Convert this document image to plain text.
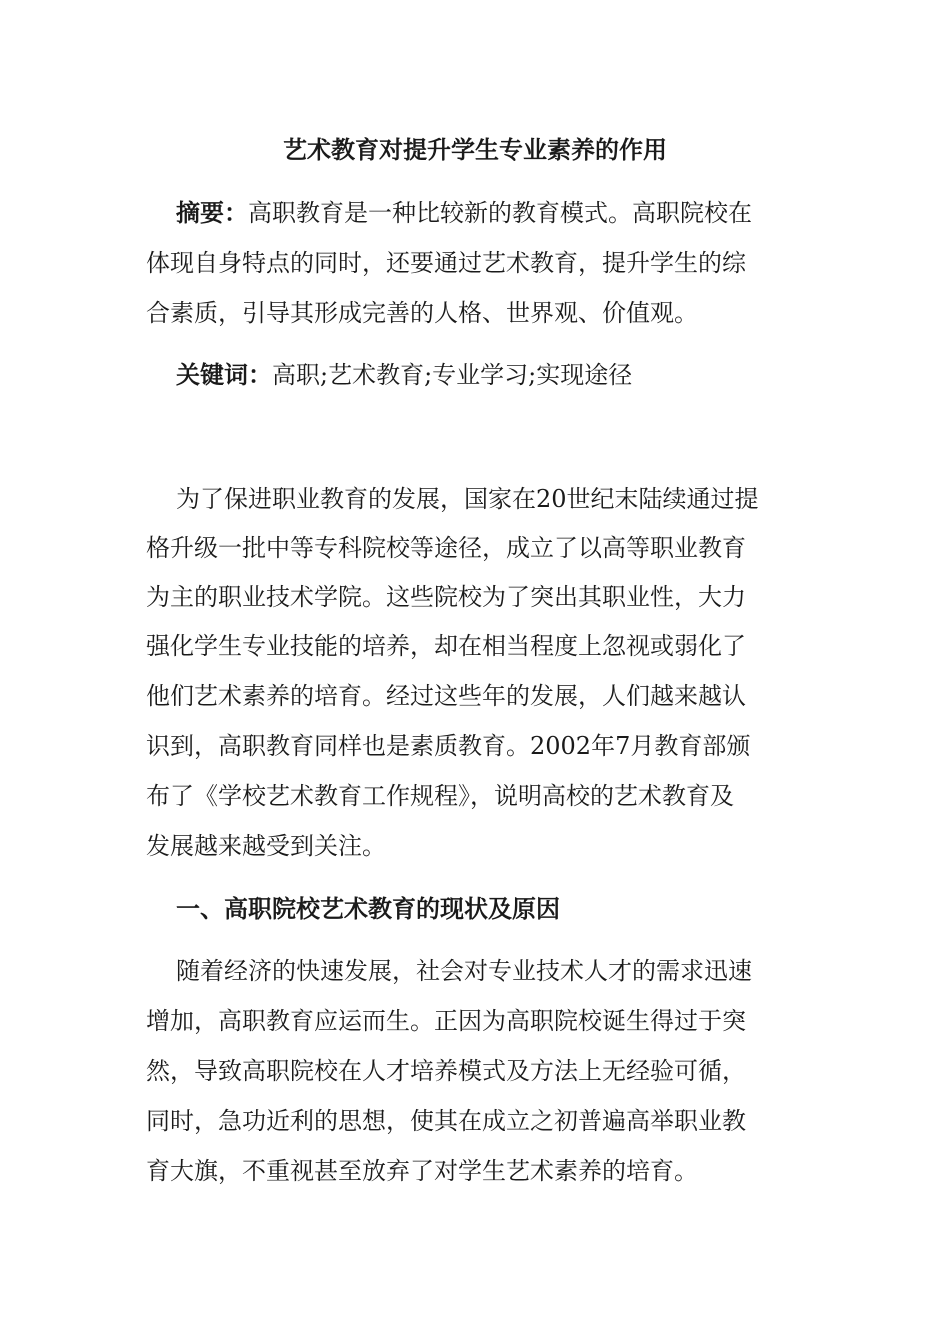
艺术教育对提升学生专业素养的作用
摘要：高职教育是一种比较新的教育模式。高职院校在
体现自身特点的同时，还要通过艺术教育，提升学生的综
合素质，引导其形成完善的人格、世界观、价值观。
关键词：高职;艺术教育;专业学习;实现途径
为了保进职业教育的发展，国家在20世纪末陆续通过提
格升级一批中等专科院校等途径，成立了以高等职业教育
为主的职业技术学院。这些院校为了突出其职业性，大力
强化学生专业技能的培养，却在相当程度上忽视或弱化了
他们艺术素养的培育。经过这些年的发展，人们越来越认
识到，高职教育同样也是素质教育。2002年7月教育部颁
布了《学校艺术教育工作规程》，说明高校的艺术教育及
发展越来越受到关注。
一、高职院校艺术教育的现状及原因
随着经济的快速发展，社会对专业技术人才的需求迅速
增加，高职教育应运而生。正因为高职院校诞生得过于突
然，导致高职院校在人才培养模式及方法上无经验可循，
同时，急功近利的思想，使其在成立之初普遍高举职业教
育大旗，不重视甚至放弃了对学生艺术素养的培育。
